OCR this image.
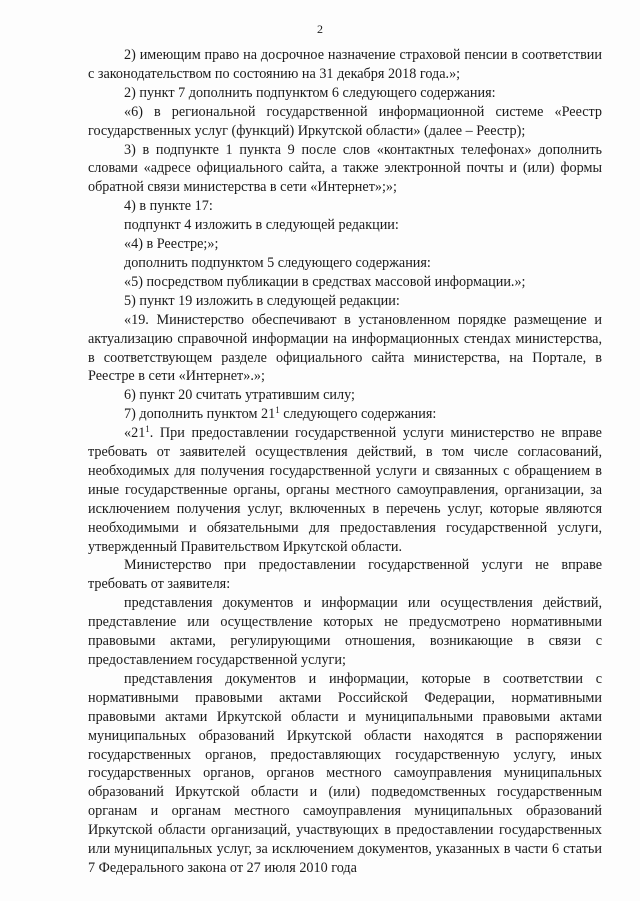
2

2) имеющим право на досрочное назначение страховой пенсии в соответствии с законодательством по состоянию на 31 декабря 2018 года.»;

2) пункт 7 дополнить подпунктом 6 следующего содержания:

«6) в региональной государственной информационной системе «Реестр государственных услуг (функций) Иркутской области» (далее – Реестр);

3) в подпункте 1 пункта 9 после слов «контактных телефонах» дополнить словами «адресе официального сайта, а также электронной почты и (или) формы обратной связи министерства в сети «Интернет»;»;

4) в пункте 17:

подпункт 4 изложить в следующей редакции:

«4) в Реестре;»;

дополнить подпунктом 5 следующего содержания:

«5) посредством публикации в средствах массовой информации.»;

5) пункт 19 изложить в следующей редакции:

«19. Министерство обеспечивают в установленном порядке размещение и актуализацию справочной информации на информационных стендах министерства, в соответствующем разделе официального сайта министерства, на Портале, в Реестре в сети «Интернет».»;

6) пункт 20 считать утратившим силу;

7) дополнить пунктом $21^1$ следующего содержания:

«$21^1$. При предоставлении государственной услуги министерство не вправе требовать от заявителей осуществления действий, в том числе согласований, необходимых для получения государственной услуги и связанных с обращением в иные государственные органы, органы местного самоуправления, организации, за исключением получения услуг, включенных в перечень услуг, которые являются необходимыми и обязательными для предоставления государственной услуги, утвержденный Правительством Иркутской области.

Министерство при предоставлении государственной услуги не вправе требовать от заявителя:

представления документов и информации или осуществления действий, представление или осуществление которых не предусмотрено нормативными правовыми актами, регулирующими отношения, возникающие в связи с предоставлением государственной услуги;

представления документов и информации, которые в соответствии с нормативными правовыми актами Российской Федерации, нормативными правовыми актами Иркутской области и муниципальными правовыми актами муниципальных образований Иркутской области находятся в распоряжении государственных органов, предоставляющих государственную услугу, иных государственных органов, органов местного самоуправления муниципальных образований Иркутской области и (или) подведомственных государственным органам и органам местного самоуправления муниципальных образований Иркутской области организаций, участвующих в предоставлении государственных или муниципальных услуг, за исключением документов, указанных в части 6 статьи 7 Федерального закона от 27 июля 2010 года
